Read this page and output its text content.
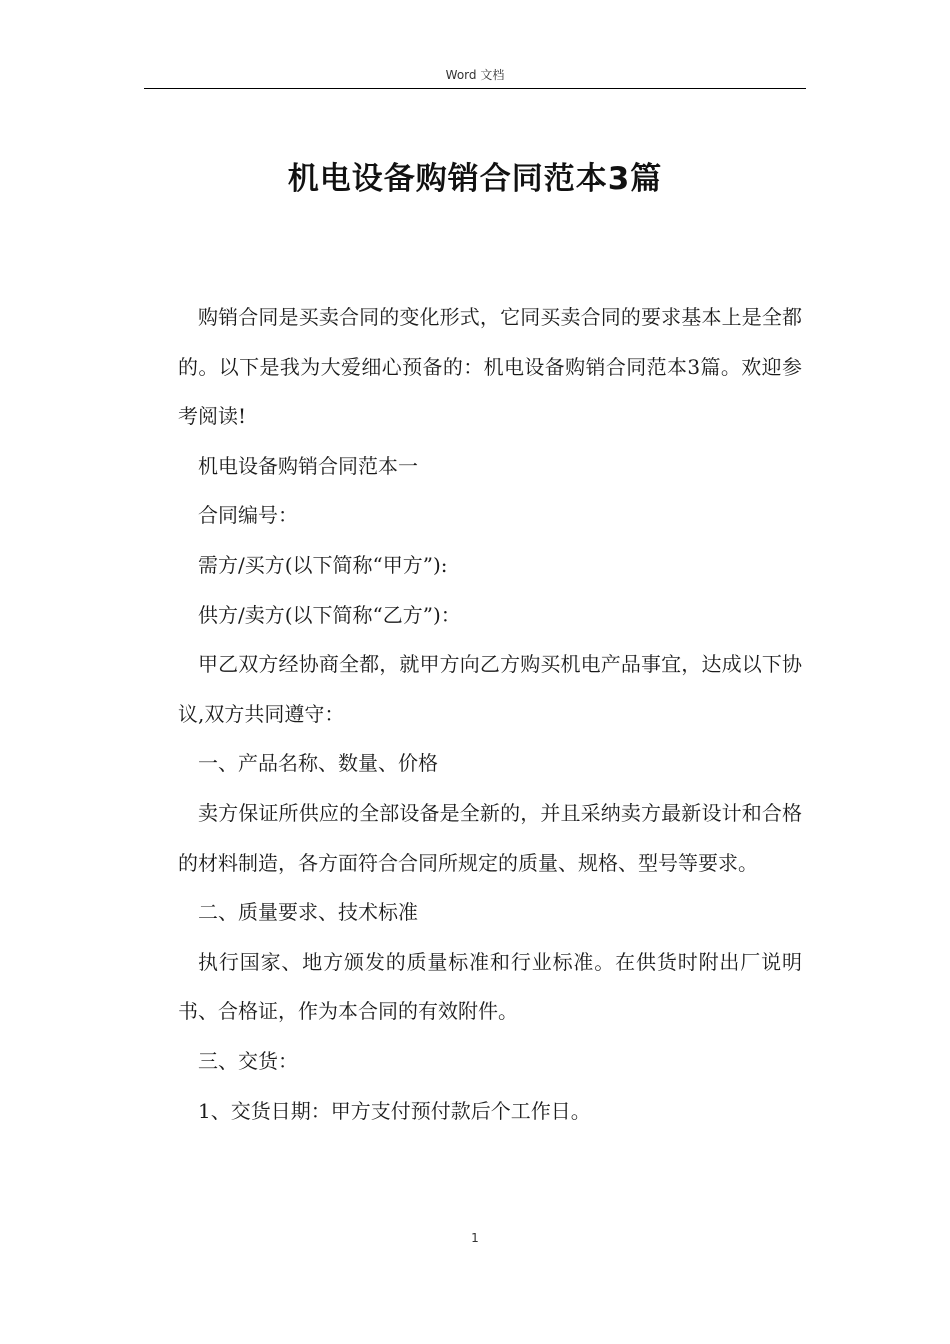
Word 文档
机电设备购销合同范本3篇

购销合同是买卖合同的变化形式，它同买卖合同的要求基本上是全都的。以下是我为大爱细心预备的：机电设备购销合同范本3篇。欢迎参考阅读!

机电设备购销合同范本一

合同编号：

需方/买方(以下简称“甲方”):

供方/卖方(以下简称“乙方”)：

甲乙双方经协商全都，就甲方向乙方购买机电产品事宜，达成以下协议,双方共同遵守：

一、产品名称、数量、价格

卖方保证所供应的全部设备是全新的，并且采纳卖方最新设计和合格的材料制造，各方面符合合同所规定的质量、规格、型号等要求。

二、质量要求、技术标准

执行国家、地方颁发的质量标准和行业标准。在供货时附出厂说明书、合格证，作为本合同的有效附件。

三、交货：

1、交货日期：甲方支付预付款后个工作日。

1
